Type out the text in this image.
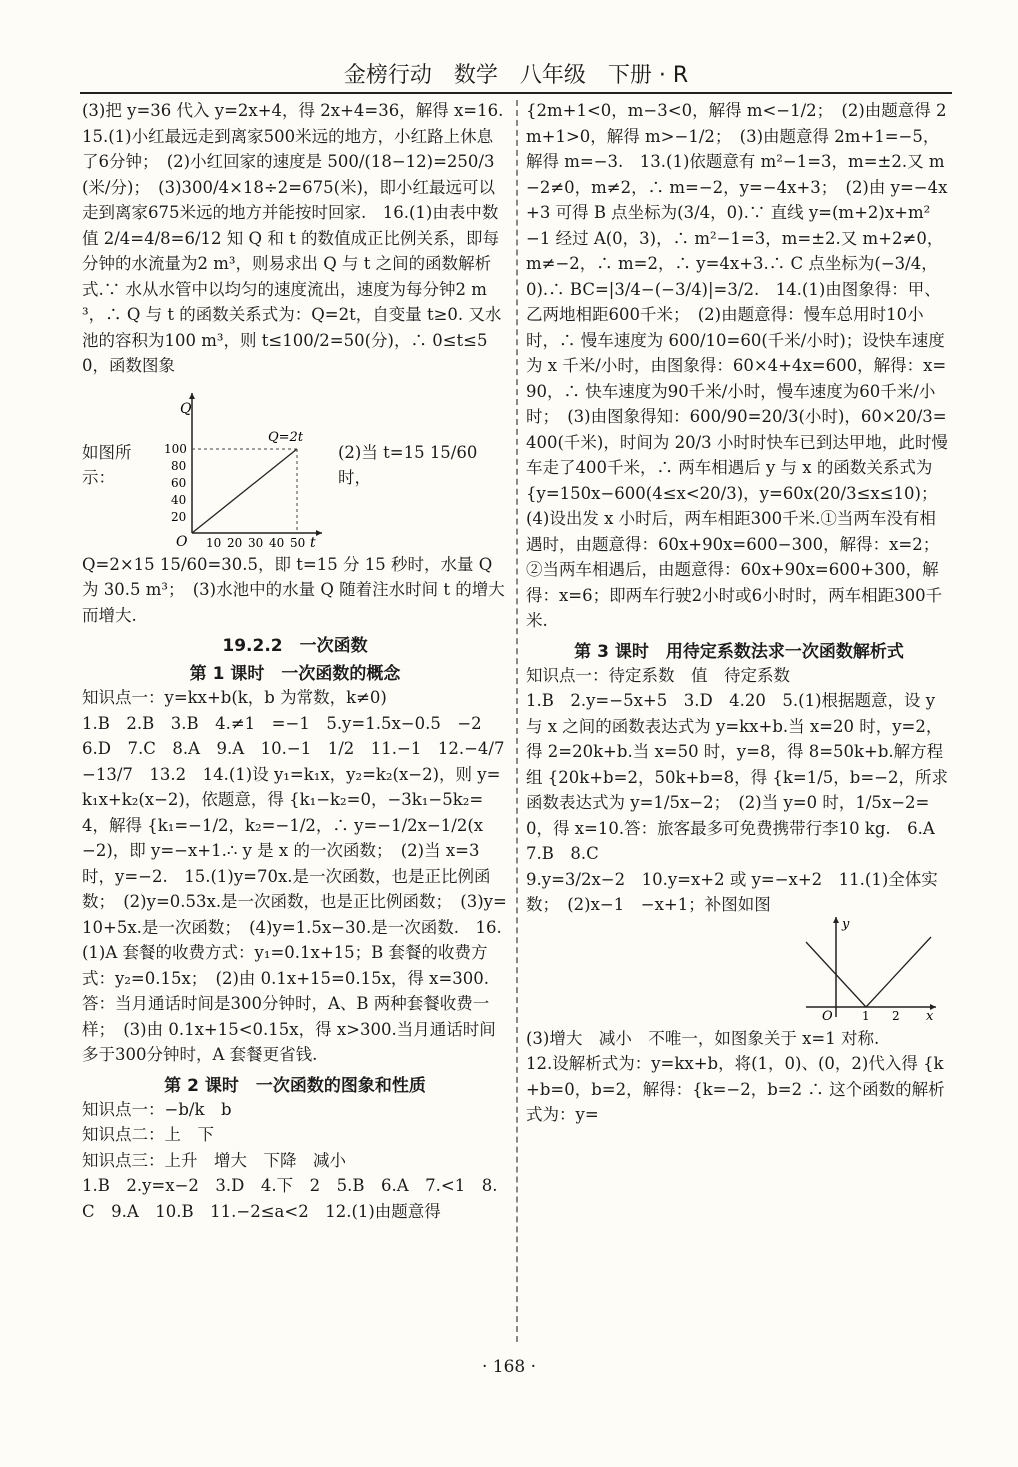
金榜行动　数学　八年级　下册 · R

(3)把 y=36 代入 y=2x+4，得 2x+4=36，解得 x=16.　15.(1)小红最远走到离家500米远的地方，小红路上休息了6分钟；　(2)小红回家的速度是 500/(18−12)=250/3(米/分)；　(3)300/4×18÷2=675(米)，即小红最远可以走到离家675米远的地方并能按时回家.　16.(1)由表中数值 2/4=4/8=6/12 知 Q 和 t 的数值成正比例关系，即每分钟的水流量为2 m³，则易求出 Q 与 t 之间的函数解析式.∵ 水从水管中以均匀的速度流出，速度为每分钟2 m³，∴ Q 与 t 的函数关系式为：Q=2t，自变量 t≥0. 又水池的容积为100 m³，则 t≤100/2=50(分)，∴ 0≤t≤50，函数图象

如图所示：
Q
t
O
Q=2t
100
80
60
40
20
10 20 30 40 50
(2)当 t=15 15/60 时，

Q=2×15 15/60=30.5，即 t=15 分 15 秒时，水量 Q 为 30.5 m³；　(3)水池中的水量 Q 随着注水时间 t 的增大而增大.

19.2.2　一次函数
第 1 课时　一次函数的概念

知识点一：y=kx+b(k，b 为常数，k≠0)

1.B　2.B　3.B　4.≠1　=−1　5.y=1.5x−0.5　−2　6.D　7.C　8.A　9.A　10.−1　1/2　11.−1　12.−4/7　−13/7　13.2　14.(1)设 y₁=k₁x，y₂=k₂(x−2)，则 y=k₁x+k₂(x−2)，依题意，得 {k₁−k₂=0，−3k₁−5k₂=4，解得 {k₁=−1/2，k₂=−1/2，∴ y=−1/2x−1/2(x−2)，即 y=−x+1.∴ y 是 x 的一次函数；　(2)当 x=3 时，y=−2.　15.(1)y=70x.是一次函数，也是正比例函数；　(2)y=0.53x.是一次函数，也是正比例函数；　(3)y=10+5x.是一次函数；　(4)y=1.5x−30.是一次函数.　16.(1)A 套餐的收费方式：y₁=0.1x+15；B 套餐的收费方式：y₂=0.15x；　(2)由 0.1x+15=0.15x，得 x=300.答：当月通话时间是300分钟时，A、B 两种套餐收费一样；　(3)由 0.1x+15<0.15x，得 x>300.当月通话时间多于300分钟时，A 套餐更省钱.

第 2 课时　一次函数的图象和性质

知识点一：−b/k　b

知识点二：上　下

知识点三：上升　增大　下降　减小

1.B　2.y=x−2　3.D　4.下　2　5.B　6.A　7.<1　8.C　9.A　10.B　11.−2≤a<2　12.(1)由题意得

{2m+1<0，m−3<0，解得 m<−1/2；　(2)由题意得 2m+1>0，解得 m>−1/2；　(3)由题意得 2m+1=−5，解得 m=−3.　13.(1)依题意有 m²−1=3，m=±2.又 m−2≠0，m≠2，∴ m=−2，y=−4x+3；　(2)由 y=−4x+3 可得 B 点坐标为(3/4，0).∵ 直线 y=(m+2)x+m²−1 经过 A(0，3)，∴ m²−1=3，m=±2.又 m+2≠0，m≠−2，∴ m=2，∴ y=4x+3.∴ C 点坐标为(−3/4，0).∴ BC=|3/4−(−3/4)|=3/2.　14.(1)由图象得：甲、乙两地相距600千米；　(2)由题意得：慢车总用时10小时，∴ 慢车速度为 600/10=60(千米/小时)；设快车速度为 x 千米/小时，由图象得：60×4+4x=600，解得：x=90，∴ 快车速度为90千米/小时，慢车速度为60千米/小时；　(3)由图象得知：600/90=20/3(小时)，60×20/3=400(千米)，时间为 20/3 小时时快车已到达甲地，此时慢车走了400千米，∴ 两车相遇后 y 与 x 的函数关系式为 {y=150x−600(4≤x<20/3)，y=60x(20/3≤x≤10)；　(4)设出发 x 小时后，两车相距300千米.①当两车没有相遇时，由题意得：60x+90x=600−300，解得：x=2；②当两车相遇后，由题意得：60x+90x=600+300，解得：x=6；即两车行驶2小时或6小时时，两车相距300千米.

第 3 课时　用待定系数法求一次函数解析式

知识点一：待定系数　值　待定系数

1.B　2.y=−5x+5　3.D　4.20　5.(1)根据题意，设 y 与 x 之间的函数表达式为 y=kx+b.当 x=20 时，y=2，得 2=20k+b.当 x=50 时，y=8，得 8=50k+b.解方程组 {20k+b=2，50k+b=8，得 {k=1/5，b=−2，所求函数表达式为 y=1/5x−2；　(2)当 y=0 时，1/5x−2=0，得 x=10.答：旅客最多可免费携带行李10 kg.　6.A　7.B　8.C

9.y=3/2x−2　10.y=x+2 或 y=−x+2　11.(1)全体实数；　(2)x−1　−x+1；补图如图

y
x
O 1 2

(3)增大　减小　不唯一，如图象关于 x=1 对称.

12.设解析式为：y=kx+b，将(1，0)、(0，2)代入得 {k+b=0，b=2，解得：{k=−2，b=2 ∴ 这个函数的解析式为：y=

· 168 ·
